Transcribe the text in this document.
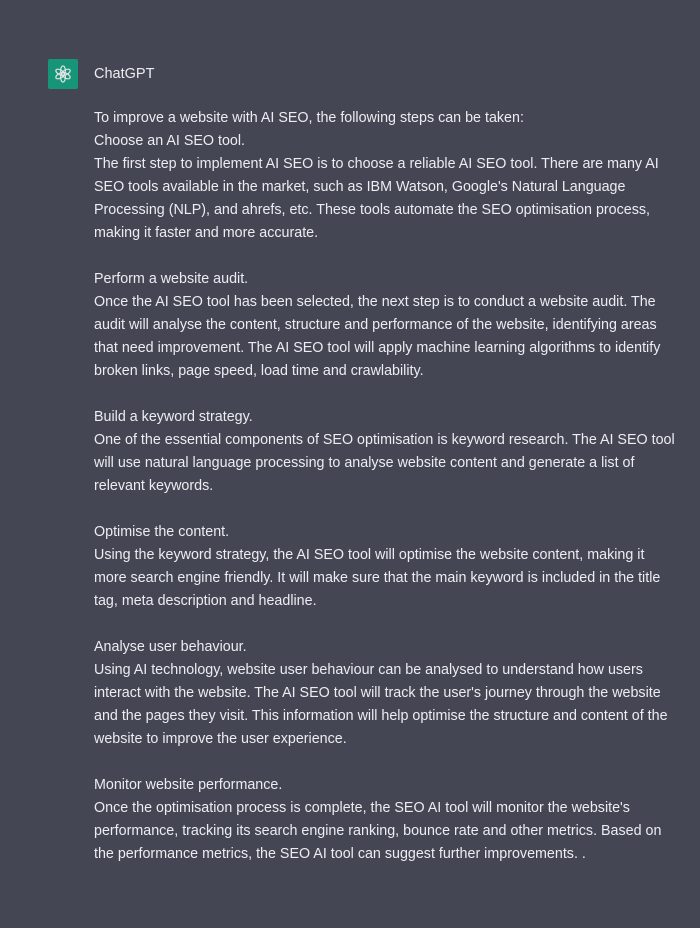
ChatGPT
To improve a website with AI SEO, the following steps can be taken:
Choose an AI SEO tool.
The first step to implement AI SEO is to choose a reliable AI SEO tool. There are many AI
SEO tools available in the market, such as IBM Watson, Google's Natural Language
Processing (NLP), and ahrefs, etc. These tools automate the SEO optimisation process,
making it faster and more accurate.
Perform a website audit.
Once the AI SEO tool has been selected, the next step is to conduct a website audit. The
audit will analyse the content, structure and performance of the website, identifying areas
that need improvement. The AI SEO tool will apply machine learning algorithms to identify
broken links, page speed, load time and crawlability.
Build a keyword strategy.
One of the essential components of SEO optimisation is keyword research. The AI SEO tool
will use natural language processing to analyse website content and generate a list of
relevant keywords.
Optimise the content.
Using the keyword strategy, the AI SEO tool will optimise the website content, making it
more search engine friendly. It will make sure that the main keyword is included in the title
tag, meta description and headline.
Analyse user behaviour.
Using AI technology, website user behaviour can be analysed to understand how users
interact with the website. The AI SEO tool will track the user's journey through the website
and the pages they visit. This information will help optimise the structure and content of the
website to improve the user experience.
Monitor website performance.
Once the optimisation process is complete, the SEO AI tool will monitor the website's
performance, tracking its search engine ranking, bounce rate and other metrics. Based on
the performance metrics, the SEO AI tool can suggest further improvements. .
